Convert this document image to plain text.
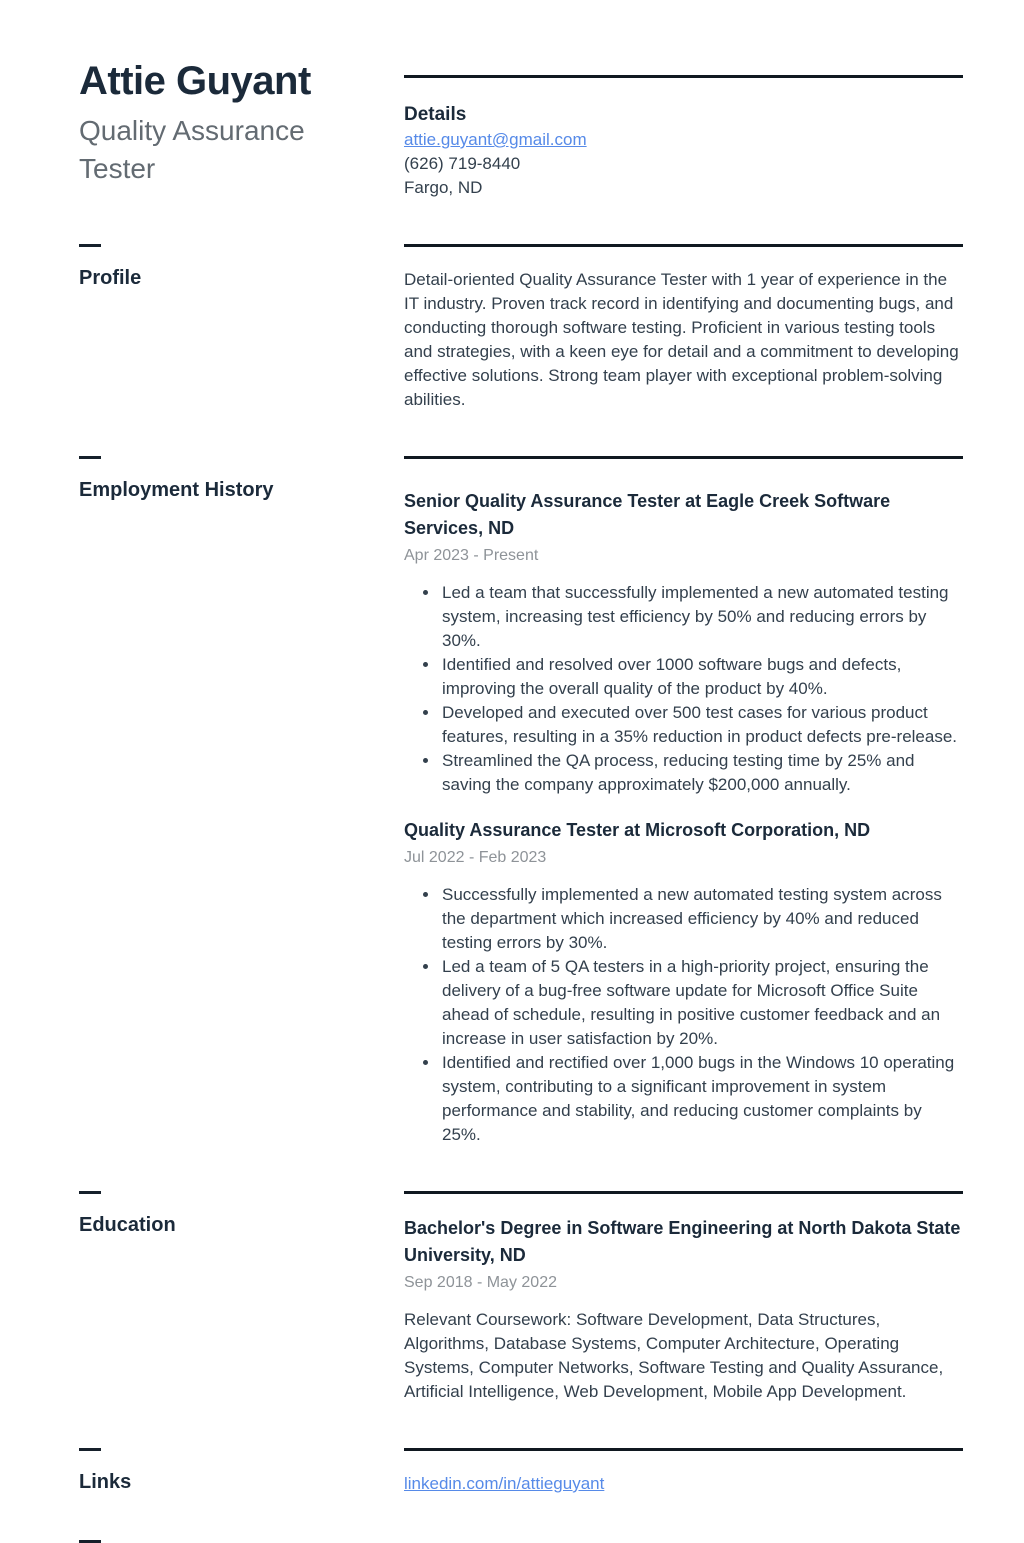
Attie Guyant
Quality Assurance Tester
Details
attie.guyant@gmail.com
(626) 719-8440
Fargo, ND
Profile	Detail-oriented Quality Assurance Tester with 1 year of experience in the IT industry. Proven track record in identifying and documenting bugs, and conducting thorough software testing. Proficient in various testing tools and strategies, with a keen eye for detail and a commitment to developing effective solutions. Strong team player with exceptional problem-solving abilities.
Employment History	Senior Quality Assurance Tester at Eagle Creek Software Services, ND
Apr 2023 - Present
• Led a team that successfully implemented a new automated testing system, increasing test efficiency by 50% and reducing errors by 30%.
• Identified and resolved over 1000 software bugs and defects, improving the overall quality of the product by 40%.
• Developed and executed over 500 test cases for various product features, resulting in a 35% reduction in product defects pre-release.
• Streamlined the QA process, reducing testing time by 25% and saving the company approximately $200,000 annually.
Quality Assurance Tester at Microsoft Corporation, ND
Jul 2022 - Feb 2023
• Successfully implemented a new automated testing system across the department which increased efficiency by 40% and reduced testing errors by 30%.
• Led a team of 5 QA testers in a high-priority project, ensuring the delivery of a bug-free software update for Microsoft Office Suite ahead of schedule, resulting in positive customer feedback and an increase in user satisfaction by 20%.
• Identified and rectified over 1,000 bugs in the Windows 10 operating system, contributing to a significant improvement in system performance and stability, and reducing customer complaints by 25%.
Education	Bachelor's Degree in Software Engineering at North Dakota State University, ND
Sep 2018 - May 2022
Relevant Coursework: Software Development, Data Structures, Algorithms, Database Systems, Computer Architecture, Operating Systems, Computer Networks, Software Testing and Quality Assurance, Artificial Intelligence, Web Development, Mobile App Development.
Links	linkedin.com/in/attieguyant
